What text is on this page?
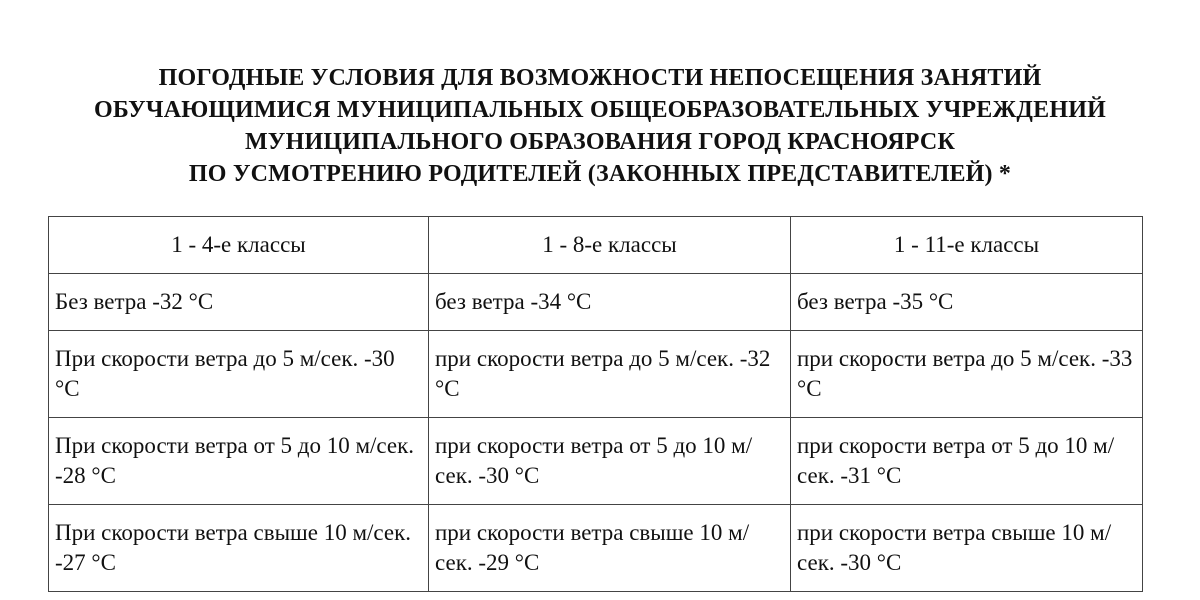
ПОГОДНЫЕ УСЛОВИЯ ДЛЯ ВОЗМОЖНОСТИ НЕПОСЕЩЕНИЯ ЗАНЯТИЙ
ОБУЧАЮЩИМИСЯ МУНИЦИПАЛЬНЫХ ОБЩЕОБРАЗОВАТЕЛЬНЫХ УЧРЕЖДЕНИЙ
МУНИЦИПАЛЬНОГО ОБРАЗОВАНИЯ ГОРОД КРАСНОЯРСК
ПО УСМОТРЕНИЮ РОДИТЕЛЕЙ (ЗАКОННЫХ ПРЕДСТАВИТЕЛЕЙ) *
1 - 4-е классы	1 - 8-е классы	1 - 11-е классы
Без ветра -32 °С	без ветра -34 °С	без ветра -35 °С
При скорости ветра до 5 м/сек. -30 °С	при скорости ветра до 5 м/сек. -32 °С	при скорости ветра до 5 м/сек. -33 °С
При скорости ветра от 5 до 10 м/сек. -28 °С	при скорости ветра от 5 до 10 м/сек. -30 °С	при скорости ветра от 5 до 10 м/сек. -31 °С
При скорости ветра свыше 10 м/сек. -27 °С	при скорости ветра свыше 10 м/сек. -29 °С	при скорости ветра свыше 10 м/сек. -30 °С
